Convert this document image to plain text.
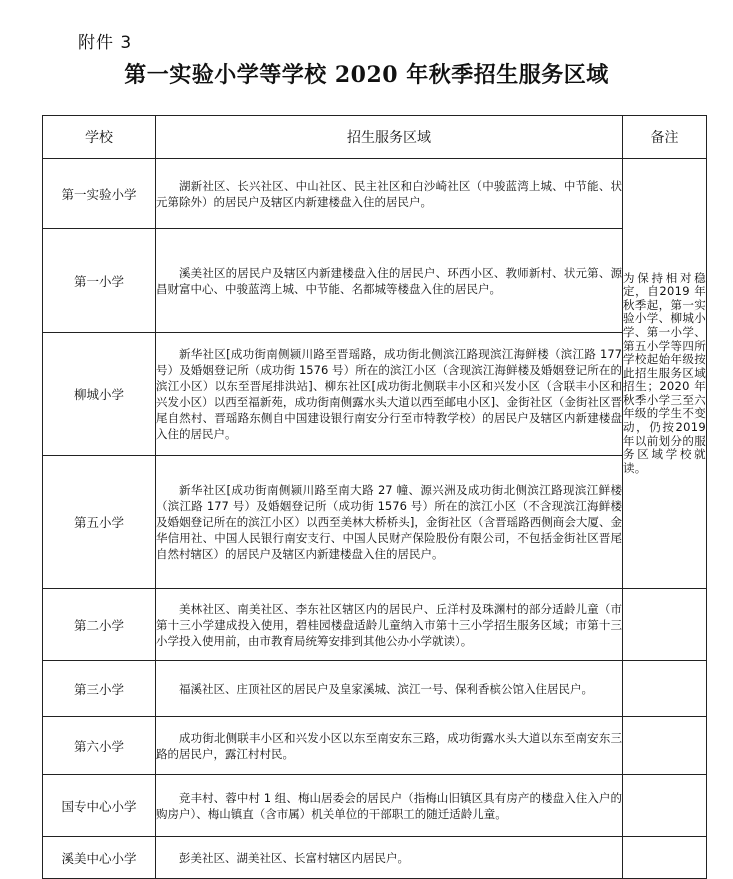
附件 3
第一实验小学等学校 2020 年秋季招生服务区域
学校	招生服务区域	备注
第一实验小学	湖新社区、长兴社区、中山社区、民主社区和白沙崎社区（中骏蓝湾上城、中节能、状元第除外）的居民户及辖区内新建楼盘入住的居民户。	为保持相对稳定，自2019 年秋季起，第一实验小学、柳城小学、第一小学、第五小学等四所学校起始年级按此招生服务区域招生；2020 年秋季小学三至六年级的学生不变动，仍按2019 年以前划分的服务区域学校就读。

第一小学	溪美社区的居民户及辖区内新建楼盘入住的居民户、环西小区、教师新村、状元第、源昌财富中心、中骏蓝湾上城、中节能、名都城等楼盘入住的居民户。	

柳城小学	新华社区[成功街南侧颍川路至晋瑶路，成功街北侧滨江路现滨江海鲜楼（滨江路 177 号）及婚姻登记所（成功街 1576 号）所在的滨江小区（含现滨江海鲜楼及婚姻登记所在的滨江小区）以东至晋尾排洪站]、柳东社区[成功街北侧联丰小区和兴发小区（含联丰小区和兴发小区）以西至福新苑，成功街南侧露水头大道以西至邮电小区]、金街社区（金街社区晋尾自然村、晋瑶路东侧自中国建设银行南安分行至市特教学校）的居民户及辖区内新建楼盘入住的居民户。	

第五小学	新华社区[成功街南侧颍川路至南大路 27 幢、源兴洲及成功街北侧滨江路现滨江鲜楼（滨江路 177 号）及婚姻登记所（成功街 1576 号）所在的滨江小区（不含现滨江海鲜楼及婚姻登记所在的滨江小区）以西至美林大桥桥头]，金街社区（含晋瑶路西侧商会大厦、金华信用社、中国人民银行南安支行、中国人民财产保险股份有限公司，不包括金街社区晋尾自然村辖区）的居民户及辖区内新建楼盘入住的居民户。	

第二小学	美林社区、南美社区、李东社区辖区内的居民户、丘洋村及珠渊村的部分适龄儿童（市第十三小学建成投入使用，碧桂园楼盘适龄儿童纳入市第十三小学招生服务区域；市第十三小学投入使用前，由市教育局统筹安排到其他公办小学就读）。	

第三小学	福溪社区、庄顶社区的居民户及皇家溪城、滨江一号、保利香槟公馆入住居民户。	

第六小学	成功街北侧联丰小区和兴发小区以东至南安东三路，成功街露水头大道以东至南安东三路的居民户，露江村村民。	

国专中心小学	竞丰村、蓉中村 1 组、梅山居委会的居民户（指梅山旧镇区具有房产的楼盘入住入户的购房户）、梅山镇直（含市属）机关单位的干部职工的随迁适龄儿童。	

溪美中心小学	彭美社区、湖美社区、长富村辖区内居民户。	
